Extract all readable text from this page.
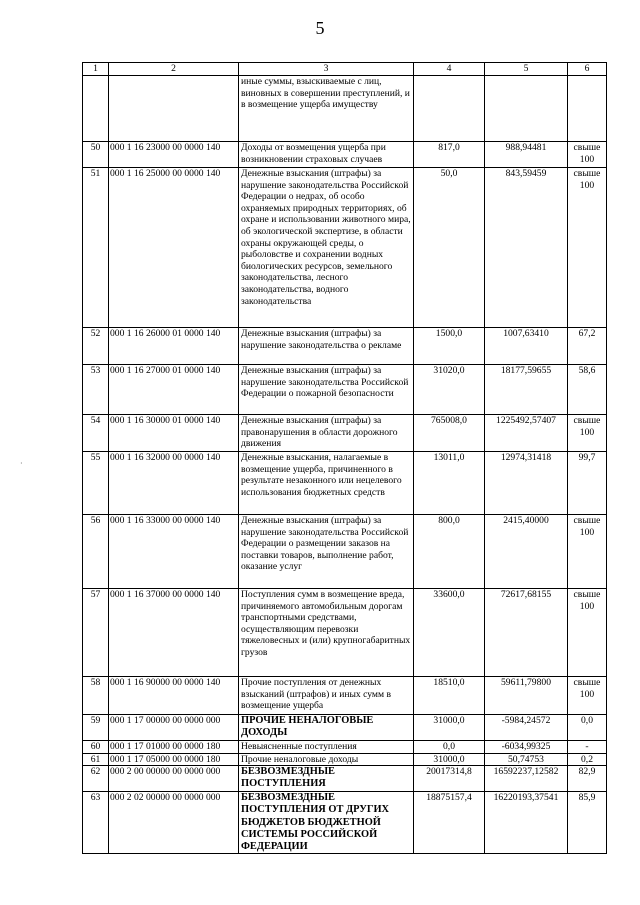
5
·
1	2	3	4	5	6
		иные суммы, взыскиваемые с лиц, виновных в совершении преступлений, и в возмещение ущерба имуществу			
50	000 1 16 23000 00 0000 140	Доходы от возмещения ущерба при возникновении страховых случаев	817,0	988,94481	свыше 100
51	000 1 16 25000 00 0000 140	Денежные взыскания (штрафы) за нарушение законодательства Российской Федерации о недрах, об особо охраняемых природных территориях, об охране и использовании животного мира, об экологической экспертизе, в области охраны окружающей среды, о рыболовстве и сохранении водных биологических ресурсов, земельного законодательства, лесного законодательства, водного законодательства	50,0	843,59459	свыше 100
52	000 1 16 26000 01 0000 140	Денежные взыскания (штрафы) за нарушение законодательства о рекламе	1500,0	1007,63410	67,2
53	000 1 16 27000 01 0000 140	Денежные взыскания (штрафы) за нарушение законодательства Российской Федерации о пожарной безопасности	31020,0	18177,59655	58,6
54	000 1 16 30000 01 0000 140	Денежные взыскания (штрафы) за правонарушения в области дорожного движения	765008,0	1225492,57407	свыше 100
55	000 1 16 32000 00 0000 140	Денежные взыскания, налагаемые в возмещение ущерба, причиненного в результате незаконного или нецелевого использования бюджетных средств	13011,0	12974,31418	99,7
56	000 1 16 33000 00 0000 140	Денежные взыскания (штрафы) за нарушение законодательства Российской Федерации о размещении заказов на поставки товаров, выполнение работ, оказание услуг	800,0	2415,40000	свыше 100
57	000 1 16 37000 00 0000 140	Поступления сумм в возмещение вреда, причиняемого автомобильным дорогам транспортными средствами, осуществляющим перевозки тяжеловесных и (или) крупногабаритных грузов	33600,0	72617,68155	свыше 100
58	000 1 16 90000 00 0000 140	Прочие поступления от денежных взысканий (штрафов) и иных сумм в возмещение ущерба	18510,0	59611,79800	свыше 100
59	000 1 17 00000 00 0000 000	ПРОЧИЕ НЕНАЛОГОВЫЕ ДОХОДЫ	31000,0	-5984,24572	0,0
60	000 1 17 01000 00 0000 180	Невыясненные поступления	0,0	-6034,99325	-
61	000 1 17 05000 00 0000 180	Прочие неналоговые доходы	31000,0	50,74753	0,2
62	000 2 00 00000 00 0000 000	БЕЗВОЗМЕЗДНЫЕ ПОСТУПЛЕНИЯ	20017314,8	16592237,12582	82,9
63	000 2 02 00000 00 0000 000	БЕЗВОЗМЕЗДНЫЕ ПОСТУПЛЕНИЯ ОТ ДРУГИХ БЮДЖЕТОВ БЮДЖЕТНОЙ СИСТЕМЫ РОССИЙСКОЙ ФЕДЕРАЦИИ	18875157,4	16220193,37541	85,9
